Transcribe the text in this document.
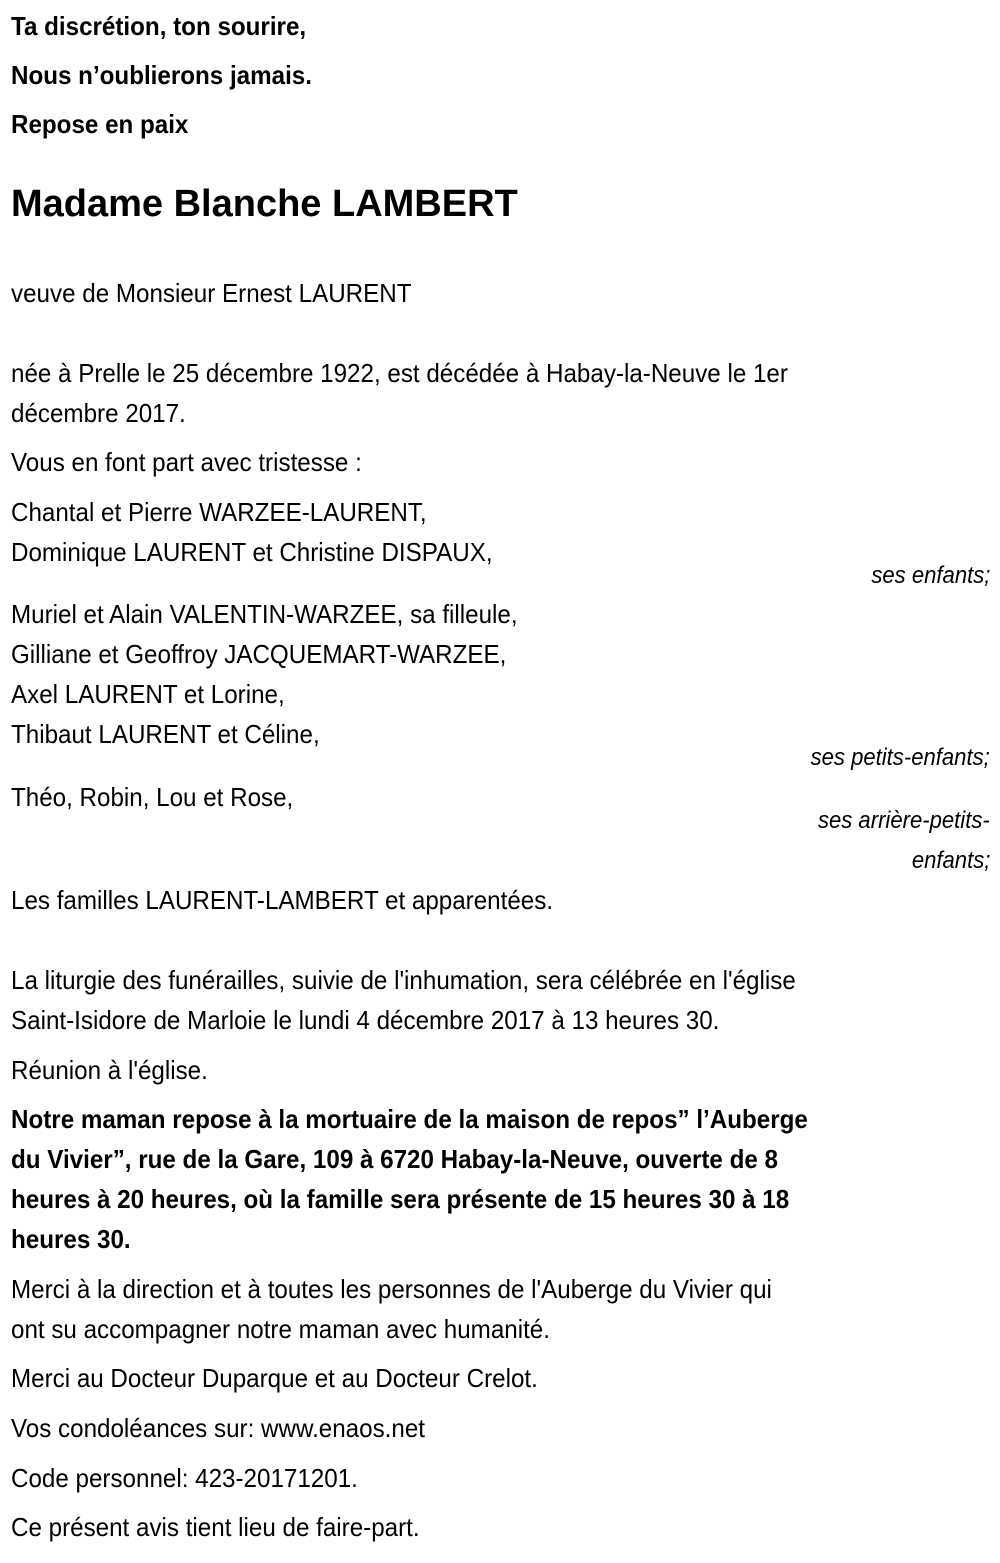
Ta discrétion, ton sourire,
Nous n’oublierons jamais.
Repose en paix
Madame Blanche LAMBERT
veuve de Monsieur Ernest LAURENT
née à Prelle le 25 décembre 1922, est décédée à Habay-la-Neuve le 1er
décembre 2017.
Vous en font part avec tristesse :
Chantal et Pierre WARZEE-LAURENT,
Dominique LAURENT et Christine DISPAUX,
ses enfants;
Muriel et Alain VALENTIN-WARZEE, sa filleule,
Gilliane et Geoffroy JACQUEMART-WARZEE,
Axel LAURENT et Lorine,
Thibaut LAURENT et Céline,
ses petits-enfants;
Théo, Robin, Lou et Rose,
ses arrière-petits-
enfants;
Les familles LAURENT-LAMBERT et apparentées.
La liturgie des funérailles, suivie de l'inhumation, sera célébrée en l'église
Saint-Isidore de Marloie le lundi 4 décembre 2017 à 13 heures 30.
Réunion à l'église.
Notre maman repose à la mortuaire de la maison de repos” l’Auberge
du Vivier”, rue de la Gare, 109 à 6720 Habay-la-Neuve, ouverte de 8
heures à 20 heures, où la famille sera présente de 15 heures 30 à 18
heures 30.
Merci à la direction et à toutes les personnes de l'Auberge du Vivier qui
ont su accompagner notre maman avec humanité.
Merci au Docteur Duparque et au Docteur Crelot.
Vos condoléances sur: www.enaos.net
Code personnel: 423-20171201.
Ce présent avis tient lieu de faire-part.
